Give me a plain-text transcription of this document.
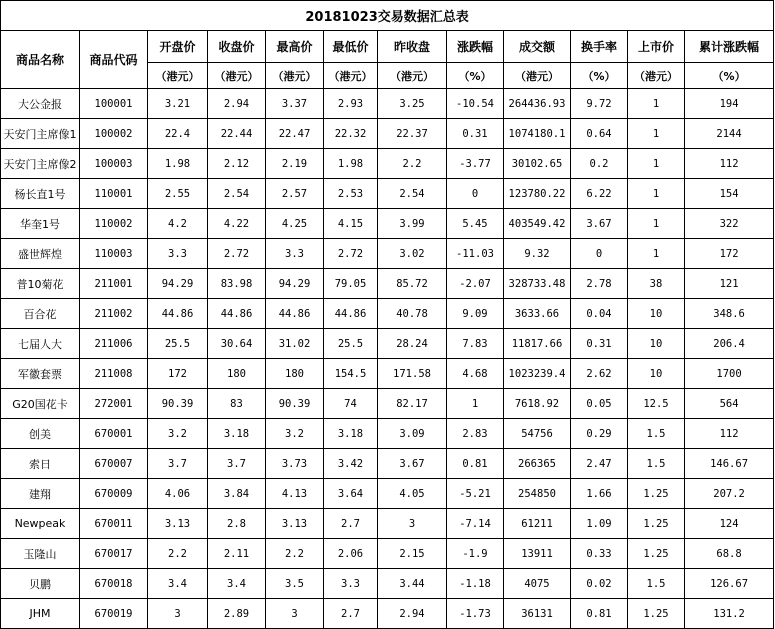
20181023交易数据汇总表											
商品名称	商品代码	开盘价	收盘价	最高价	最低价	昨收盘	涨跌幅	成交额	换手率	上市价	累计涨跌幅
		（港元）	（港元）	（港元）	（港元）	（港元）	（%）	（港元）	（%）	（港元）	（%）
大公金报	100001	3.21	2.94	3.37	2.93	3.25	-10.54	264436.93	9.72	1	194
天安门主席像1	100002	22.4	22.44	22.47	22.32	22.37	0.31	1074180.1	0.64	1	2144
天安门主席像2	100003	1.98	2.12	2.19	1.98	2.2	-3.77	30102.65	0.2	1	112
杨长直1号	110001	2.55	2.54	2.57	2.53	2.54	0	123780.22	6.22	1	154
华奎1号	110002	4.2	4.22	4.25	4.15	3.99	5.45	403549.42	3.67	1	322
盛世辉煌	110003	3.3	2.72	3.3	2.72	3.02	-11.03	9.32	0	1	172
普10菊花	211001	94.29	83.98	94.29	79.05	85.72	-2.07	328733.48	2.78	38	121
百合花	211002	44.86	44.86	44.86	44.86	40.78	9.09	3633.66	0.04	10	348.6
七届人大	211006	25.5	30.64	31.02	25.5	28.24	7.83	11817.66	0.31	10	206.4
军徽套票	211008	172	180	180	154.5	171.58	4.68	1023239.4	2.62	10	1700
G20国花卡	272001	90.39	83	90.39	74	82.17	1	7618.92	0.05	12.5	564
创美	670001	3.2	3.18	3.2	3.18	3.09	2.83	54756	0.29	1.5	112
索日	670007	3.7	3.7	3.73	3.42	3.67	0.81	266365	2.47	1.5	146.67
建翔	670009	4.06	3.84	4.13	3.64	4.05	-5.21	254850	1.66	1.25	207.2
Newpeak	670011	3.13	2.8	3.13	2.7	3	-7.14	61211	1.09	1.25	124
玉隆山	670017	2.2	2.11	2.2	2.06	2.15	-1.9	13911	0.33	1.25	68.8
贝鹏	670018	3.4	3.4	3.5	3.3	3.44	-1.18	4075	0.02	1.5	126.67
JHM	670019	3	2.89	3	2.7	2.94	-1.73	36131	0.81	1.25	131.2
